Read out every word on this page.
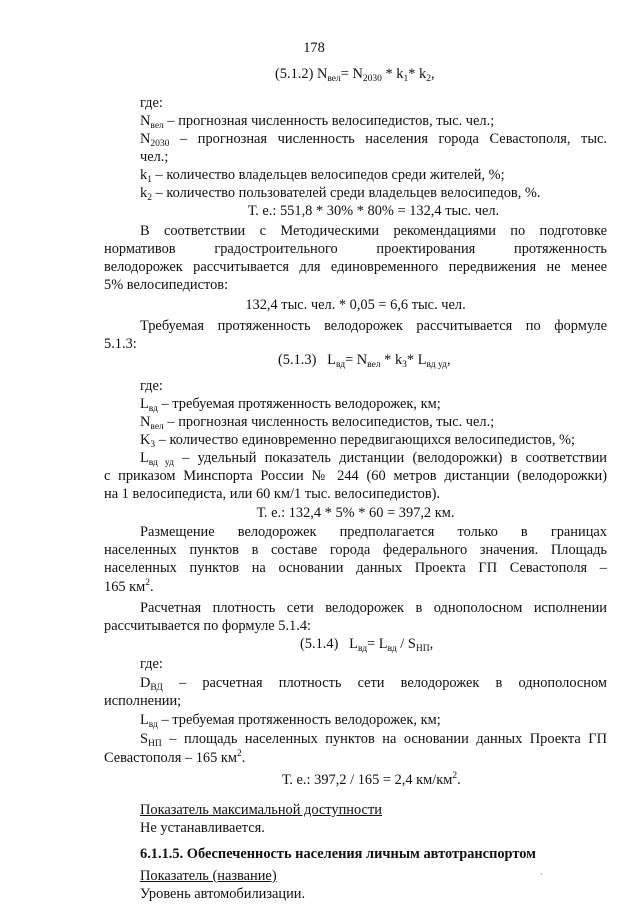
178
(5.1.2) $N_{вел}= N_{2030} * k_1*$ $k_2$,
где:
$N_{вел}$ – прогнозная численность велосипедистов, тыс. чел.;
$N_{2030}$ – прогнозная численность населения города Севастополя, тыс.
чел.;
$k_1$ – количество владельцев велосипедов среди жителей, %;
$k_2$ – количество пользователей среди владельцев велосипедов, %.
Т. е.: 551,8 * 30% * 80% = 132,4 тыс. чел.
В соответствии с Методическими рекомендациями по подготовке
нормативов градостроительного проектирования протяженность
велодорожек рассчитывается для единовременного передвижения не менее
5% велосипедистов:
132,4 тыс. чел. * 0,05 = 6,6 тыс. чел.
Требуемая протяженность велодорожек рассчитывается по формуле
5.1.3:
(5.1.3) $L_{вд}= N_{вел} * k_3*$ $L_{вд уд}$,
где:
$L_{вд}$ – требуемая протяженность велодорожек, км;
$N_{вел}$ – прогнозная численность велосипедистов, тыс. чел.;
$K_3$ – количество единовременно передвигающихся велосипедистов, %;
$L_{вд уд}$ – удельный показатель дистанции (велодорожки) в соответствии
с приказом Минспорта России № 244 (60 метров дистанции (велодорожки)
на 1 велосипедиста, или 60 км/1 тыс. велосипедистов).
Т. е.: 132,4 * 5% * 60 = 397,2 км.
Размещение велодорожек предполагается только в границах
населенных пунктов в составе города федерального значения. Площадь
населенных пунктов на основании данных Проекта ГП Севастополя –
165 $км^2$.
Расчетная плотность сети велодорожек в однополосном исполнении
рассчитывается по формуле 5.1.4:
(5.1.4) $L_{вд}= L_{вд} / S_{НП}$,
где:
$D_{ВД}$ – расчетная плотность сети велодорожек в однополосном
исполнении;
$L_{вд}$ – требуемая протяженность велодорожек, км;
$S_{НП}$ – площадь населенных пунктов на основании данных Проекта ГП
Севастополя – 165 $км^2$.
Т. е.: 397,2 / 165 = 2,4 $км/км^2$.
Показатель максимальной доступности
Не устанавливается.
6.1.1.5. Обеспеченность населения личным автотранспортом
Показатель (название)	·
Уровень автомобилизации.
